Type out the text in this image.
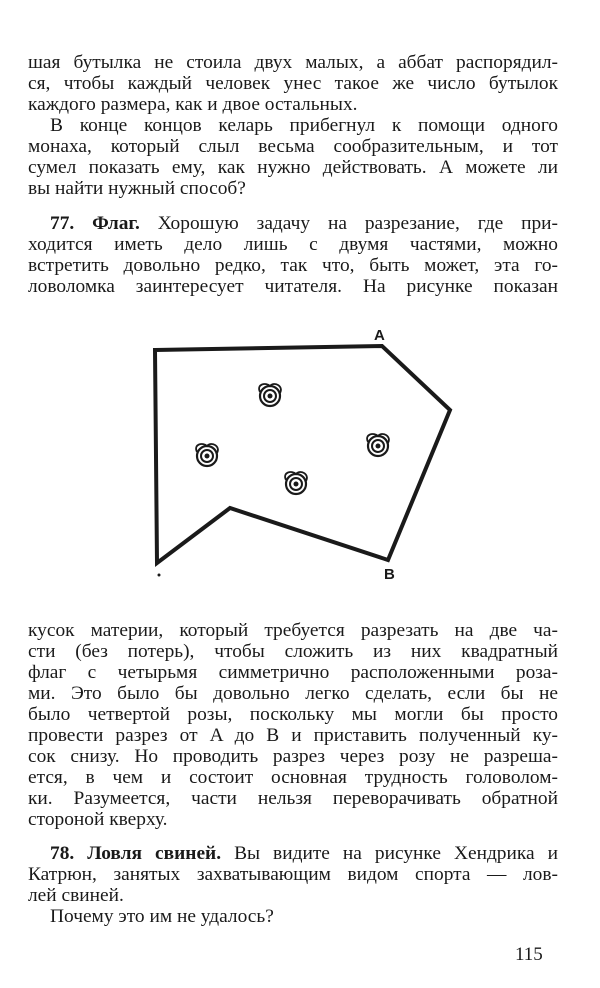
шая бутылка не стоила двух малых, а аббат распорядил-
ся, чтобы каждый человек унес такое же число бутылок
каждого размера, как и двое остальных.
В конце концов келарь прибегнул к помощи одного
монаха, который слыл весьма сообразительным, и тот
сумел показать ему, как нужно действовать. А можете ли
вы найти нужный способ?

77. Флаг. Хорошую задачу на разрезание, где при-
ходится иметь дело лишь с двумя частями, можно
встретить довольно редко, так что, быть может, эта го-
ловоломка заинтересует читателя. На рисунке показан

кусок материи, который требуется разрезать на две ча-
сти (без потерь), чтобы сложить из них квадратный
флаг с четырьмя симметрично расположенными роза-
ми. Это было бы довольно легко сделать, если бы не
было четвертой розы, поскольку мы могли бы просто
провести разрез от A до B и приставить полученный ку-
сок снизу. Но проводить разрез через розу не разреша-
ется, в чем и состоит основная трудность головолом-
ки. Разумеется, части нельзя переворачивать обратной
стороной кверху.

78. Ловля свиней. Вы видите на рисунке Хендрика и
Катрюн, занятых захватывающим видом спорта — лов-
лей свиней.
Почему это им не удалось?

A
B
115
